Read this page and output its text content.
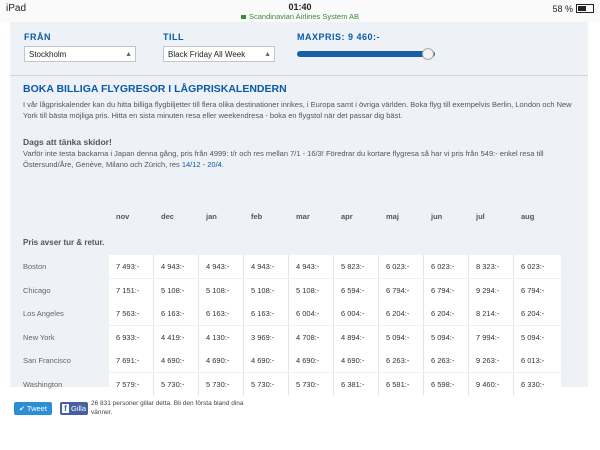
iPad	01:40
Scandinavian Airlines System AB
58 %
FRÅN
Stockholm	▲

TILL
Black Friday All Week	▲
MAXPRIS: 9 460:-
BOKA BILLIGA FLYGRESOR I LÅGPRISKALENDERN
I vår lågpriskalender kan du hitta billiga flygbiljetter till flera olika destinationer inrikes, i Europa samt i övriga världen. Boka flyg till exempelvis Berlin, London och New York till bästa möjliga pris. Hitta en sista minuten resa eller weekendresa - boka en flygstol när det passar dig bäst.
Dags att tänka skidor!
Varför inte testa backarna i Japan denna gång, pris från 4999: t/r och res mellan 7/1 - 16/3! Föredrar du kortare flygresa så har vi pris från 549:- enkel resa till Östersund/Åre, Genève, Milano och Zürich, res 14/12 - 20/4.
nov	dec	jan	feb	mar	apr	maj	jun	jul	aug
Pris avser tur & retur.
Boston	7 493:-	4 943:-	4 943:-	4 943:-	4 943:-	5 823:-	6 023:-	6 023:-	8 323:-	6 023:-
Chicago	7 151:-	5 108:-	5 108:-	5 108:-	5 108:-	6 594:-	6 794:-	6 794:-	9 294:-	6 794:-
Los Angeles	7 563:-	6 163:-	6 163:-	6 163:-	6 004:-	6 004:-	6 204:-	6 204:-	8 214:-	6 204:-
New York	6 933:-	4 419:-	4 130:-	3 969:-	4 708:-	4 894:-	5 094:-	5 094:-	7 994:-	5 094:-
San Francisco	7 691:-	4 690:-	4 690:-	4 690:-	4 690:-	4 690:-	6 263:-	6 263:-	9 263:-	6 013:-
Washington	7 579:-	5 730:-	5 730:-	5 730:-	5 730:-	6 381:-	6 581:-	6 598:-	9 460:-	6 330:-
✔ Tweet	f Gilla
26 831 personer gillar detta. Bli den första bland dina vänner.
